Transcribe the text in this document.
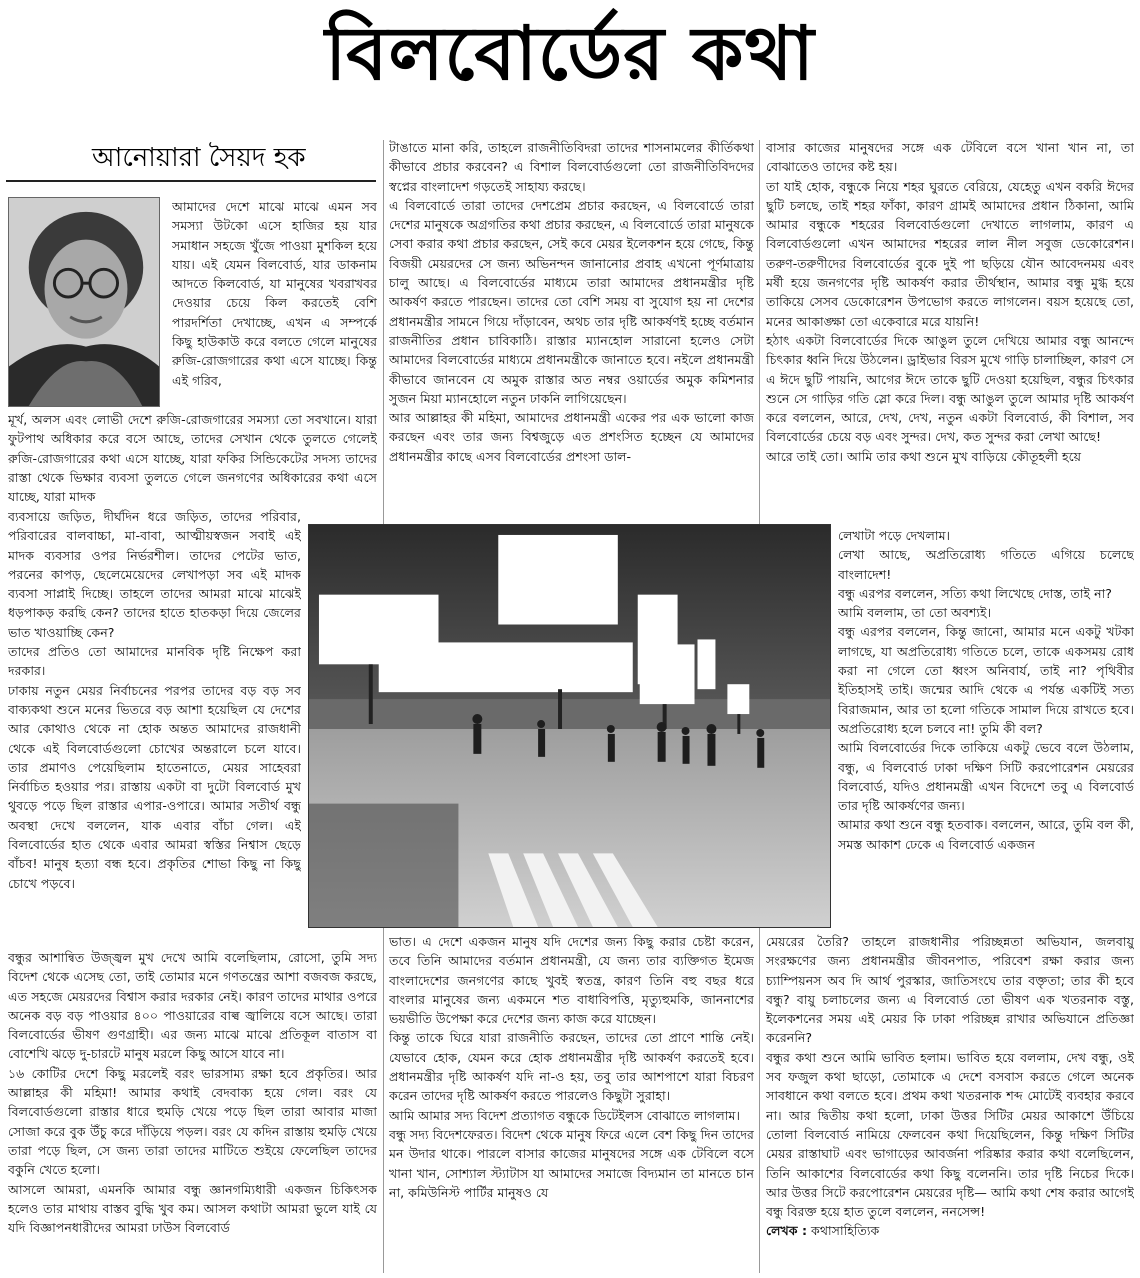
বিলবোর্ডের কথা
আনোয়ারা সৈয়দ হক

আমাদের দেশে মাঝে মাঝে এমন সব সমস্যা উটকো এসে হাজির হয় যার সমাধান সহজে খুঁজে পাওয়া মুশকিল হয়ে যায়। এই যেমন বিলবোর্ড, যার ডাকনাম আদতে কিলবোর্ড, যা মানুষের খবরাখবর দেওয়ার চেয়ে কিল করতেই বেশি পারদর্শিতা দেখাচ্ছে, এখন এ সম্পর্কে কিছু হাউকাউ করে বলতে গেলে মানুষের রুজি-রোজগারের কথা এসে যাচ্ছে। কিন্তু এই গরিব,

মূর্খ, অলস এবং লোভী দেশে রুজি-রোজগারের সমস্যা তো সবখানে। যারা ফুটপাথ অধিকার করে বসে আছে, তাদের সেখান থেকে তুলতে গেলেই রুজি-রোজগারের কথা এসে যাচ্ছে, যারা ফকির সিন্ডিকেটের সদস্য তাদের রাস্তা থেকে ভিক্ষার ব্যবসা তুলতে গেলে জনগণের অধিকারের কথা এসে যাচ্ছে, যারা মাদক

ব্যবসায়ে জড়িত, দীর্ঘদিন ধরে জড়িত, তাদের পরিবার, পরিবারের বালবাচ্চা, মা-বাবা, আত্মীয়স্বজন সবাই এই মাদক ব্যবসার ওপর নির্ভরশীল। তাদের পেটের ভাত, পরনের কাপড়, ছেলেমেয়েদের লেখাপড়া সব এই মাদক ব্যবসা সাপ্লাই দিচ্ছে। তাহলে তাদের আমরা মাঝে মাঝেই ধড়পাকড় করছি কেন? তাদের হাতে হাতকড়া দিয়ে জেলের ভাত খাওয়াচ্ছি কেন?

তাদের প্রতিও তো আমাদের মানবিক দৃষ্টি নিক্ষেপ করা দরকার।

ঢাকায় নতুন মেয়র নির্বাচনের পরপর তাদের বড় বড় সব বাক্যকথা শুনে মনের ভিতরে বড় আশা হয়েছিল যে দেশের আর কোথাও থেকে না হোক অন্তত আমাদের রাজধানী থেকে এই বিলবোর্ডগুলো চোখের অন্তরালে চলে যাবে। তার প্রমাণও পেয়েছিলাম হাতেনাতে, মেয়র সাহেবরা নির্বাচিত হওয়ার পর। রাস্তায় একটা বা দুটো বিলবোর্ড মুখ থুবড়ে পড়ে ছিল রাস্তার এপার-ওপারে। আমার সতীর্থ বন্ধু অবস্থা দেখে বললেন, যাক এবার বাঁচা গেল। এই বিলবোর্ডের হাত থেকে এবার আমরা স্বস্তির নিশ্বাস ছেড়ে বাঁচব! মানুষ হত্যা বন্ধ হবে। প্রকৃতির শোভা কিছু না কিছু চোখে পড়বে।

বন্ধুর আশান্বিত উজ্জ্বল মুখ দেখে আমি বলেছিলাম, রোসো, তুমি সদ্য বিদেশ থেকে এসেছ তো, তাই তোমার মনে গণতন্ত্রের আশা বজবজ করছে, এত সহজে মেয়রদের বিশ্বাস করার দরকার নেই। কারণ তাদের মাথার ওপরে অনেক বড় বড় পাওয়ার ৪০০ পাওয়ারের বাল্ব জ্বালিয়ে বসে আছে। তারা বিলবোর্ডের ভীষণ গুণগ্রাহী। এর জন্য মাঝে মাঝে প্রতিকূল বাতাস বা বোশেখি ঝড়ে দু-চারটে মানুষ মরলে কিছু আসে যাবে না।

১৬ কোটির দেশে কিছু মরলেই বরং ভারসাম্য রক্ষা হবে প্রকৃতির। আর আল্লাহর কী মহিমা! আমার কথাই বেদবাক্য হয়ে গেল। বরং যে বিলবোর্ডগুলো রাস্তার ধারে হুমড়ি খেয়ে পড়ে ছিল তারা আবার মাজা সোজা করে বুক উঁচু করে দাঁড়িয়ে পড়ল। বরং যে কদিন রাস্তায় হুমড়ি খেয়ে তারা পড়ে ছিল, সে জন্য তারা তাদের মাটিতে শুইয়ে ফেলেছিল তাদের বকুনি খেতে হলো।

আসলে আমরা, এমনকি আমার বন্ধু জ্ঞানগম্যিধারী একজন চিকিৎসক হলেও তার মাথায় বাস্তব বুদ্ধি খুব কম। আসল কথাটা আমরা ভুলে যাই যে যদি বিজ্ঞাপনধারীদের আমরা ঢাউস বিলবোর্ড

টাঙাতে মানা করি, তাহলে রাজনীতিবিদরা তাদের শাসনামলের কীর্তিকথা কীভাবে প্রচার করবেন? এ বিশাল বিলবোর্ডগুলো তো রাজনীতিবিদদের স্বপ্নের বাংলাদেশ গড়তেই সাহায্য করছে।

এ বিলবোর্ডে তারা তাদের দেশপ্রেম প্রচার করছেন, এ বিলবোর্ডে তারা দেশের মানুষকে অগ্রগতির কথা প্রচার করছেন, এ বিলবোর্ডে তারা মানুষকে সেবা করার কথা প্রচার করছেন, সেই কবে মেয়র ইলেকশন হয়ে গেছে, কিন্তু বিজয়ী মেয়রদের সে জন্য অভিনন্দন জানানোর প্রবাহ এখনো পূর্ণমাত্রায় চালু আছে। এ বিলবোর্ডের মাধ্যমে তারা আমাদের প্রধানমন্ত্রীর দৃষ্টি আকর্ষণ করতে পারছেন। তাদের তো বেশি সময় বা সুযোগ হয় না দেশের প্রধানমন্ত্রীর সামনে গিয়ে দাঁড়াবেন, অথচ তার দৃষ্টি আকর্ষণই হচ্ছে বর্তমান রাজনীতির প্রধান চাবিকাঠি। রাস্তার ম্যানহোল সারানো হলেও সেটা আমাদের বিলবোর্ডের মাধ্যমে প্রধানমন্ত্রীকে জানাতে হবে। নইলে প্রধানমন্ত্রী কীভাবে জানবেন যে অমুক রাস্তার অত নম্বর ওয়ার্ডের অমুক কমিশনার সুজন মিয়া ম্যানহোলে নতুন ঢাকনি লাগিয়েছেন।

আর আল্লাহর কী মহিমা, আমাদের প্রধানমন্ত্রী একের পর এক ভালো কাজ করছেন এবং তার জন্য বিশ্বজুড়ে এত প্রশংসিত হচ্ছেন যে আমাদের প্রধানমন্ত্রীর কাছে এসব বিলবোর্ডের প্রশংসা ডাল-

ভাত। এ দেশে একজন মানুষ যদি দেশের জন্য কিছু করার চেষ্টা করেন, তবে তিনি আমাদের বর্তমান প্রধানমন্ত্রী, যে জন্য তার ব্যক্তিগত ইমেজ বাংলাদেশের জনগণের কাছে খুবই স্বতন্ত্র, কারণ তিনি বহু বছর ধরে বাংলার মানুষের জন্য একমনে শত বাধাবিপত্তি, মৃত্যুহুমকি, জাননাশের ভয়ভীতি উপেক্ষা করে দেশের জন্য কাজ করে যাচ্ছেন।

কিন্তু তাকে ঘিরে যারা রাজনীতি করছেন, তাদের তো প্রাণে শান্তি নেই। যেভাবে হোক, যেমন করে হোক প্রধানমন্ত্রীর দৃষ্টি আকর্ষণ করতেই হবে। প্রধানমন্ত্রীর দৃষ্টি আকর্ষণ যদি না-ও হয়, তবু তার আশপাশে যারা বিচরণ করেন তাদের দৃষ্টি আকর্ষণ করতে পারলেও কিছুটা সুরাহা।

আমি আমার সদ্য বিদেশ প্রত্যাগত বন্ধুকে ডিটেইলস বোঝাতে লাগলাম।

বন্ধু সদ্য বিদেশফেরত। বিদেশ থেকে মানুষ ফিরে এলে বেশ কিছু দিন তাদের মন উদার থাকে। পারলে বাসার কাজের মানুষদের সঙ্গে এক টেবিলে বসে খানা খান, সোশ্যাল স্ট্যাটাস যা আমাদের সমাজে বিদ্যমান তা মানতে চান না, কমিউনিস্ট পার্টির মানুষও যে

বাসার কাজের মানুষদের সঙ্গে এক টেবিলে বসে খানা খান না, তা বোঝাতেও তাদের কষ্ট হয়।

তা যাই হোক, বন্ধুকে নিয়ে শহর ঘুরতে বেরিয়ে, যেহেতু এখন বকরি ঈদের ছুটি চলছে, তাই শহর ফাঁকা, কারণ গ্রামই আমাদের প্রধান ঠিকানা, আমি আমার বন্ধুকে শহরের বিলবোর্ডগুলো দেখাতে লাগলাম, কারণ এ বিলবোর্ডগুলো এখন আমাদের শহরের লাল নীল সবুজ ডেকোরেশন। তরুণ-তরুণীদের বিলবোর্ডের বুকে দুই পা ছড়িয়ে যৌন আবেদনময় এবং মৰ্ষী হয়ে জনগণের দৃষ্টি আকর্ষণ করার তীর্থস্থান, আমার বন্ধু মুগ্ধ হয়ে তাকিয়ে সেসব ডেকোরেশন উপভোগ করতে লাগলেন। বয়স হয়েছে তো, মনের আকাঙ্ক্ষা তো একেবারে মরে যায়নি!

হঠাৎ একটা বিলবোর্ডের দিকে আঙুল তুলে দেখিয়ে আমার বন্ধু আনন্দে চিৎকার ধ্বনি দিয়ে উঠলেন। ড্রাইভার বিরস মুখে গাড়ি চালাচ্ছিল, কারণ সে এ ঈদে ছুটি পায়নি, আগের ঈদে তাকে ছুটি দেওয়া হয়েছিল, বন্ধুর চিৎকার শুনে সে গাড়ির গতি স্লো করে দিল। বন্ধু আঙুল তুলে আমার দৃষ্টি আকর্ষণ করে বললেন, আরে, দেখ, দেখ, নতুন একটা বিলবোর্ড, কী বিশাল, সব বিলবোর্ডের চেয়ে বড় এবং সুন্দর। দেখ, কত সুন্দর করা লেখা আছে!

আরে তাই তো। আমি তার কথা শুনে মুখ বাড়িয়ে কৌতূহলী হয়ে

লেখাটা পড়ে দেখলাম।

লেখা আছে, অপ্রতিরোধ্য গতিতে এগিয়ে চলেছে বাংলাদেশ!

বন্ধু এরপর বললেন, সত্যি কথা লিখেছে দোস্ত, তাই না?

আমি বললাম, তা তো অবশ্যই।

বন্ধু এরপর বললেন, কিন্তু জানো, আমার মনে একটু খটকা লাগছে, যা অপ্রতিরোধ্য গতিতে চলে, তাকে একসময় রোধ করা না গেলে তো ধ্বংস অনিবার্য, তাই না? পৃথিবীর ইতিহাসই তাই। জন্মের আদি থেকে এ পর্যন্ত একটিই সত্য বিরাজমান, আর তা হলো গতিকে সামাল দিয়ে রাখতে হবে। অপ্রতিরোধ্য হলে চলবে না! তুমি কী বল?

আমি বিলবোর্ডের দিকে তাকিয়ে একটু ভেবে বলে উঠলাম, বন্ধু, এ বিলবোর্ড ঢাকা দক্ষিণ সিটি করপোরেশন মেয়রের বিলবোর্ড, যদিও প্রধানমন্ত্রী এখন বিদেশে তবু এ বিলবোর্ড তার দৃষ্টি আকর্ষণের জন্য।

আমার কথা শুনে বন্ধু হতবাক। বললেন, আরে, তুমি বল কী, সমস্ত আকাশ ঢেকে এ বিলবোর্ড একজন

মেয়রের তৈরি? তাহলে রাজধানীর পরিচ্ছন্নতা অভিযান, জলবায়ু সংরক্ষণের জন্য প্রধানমন্ত্রীর জীবনপাত, পরিবেশ রক্ষা করার জন্য চ্যাম্পিয়নস অব দি আর্থ পুরস্কার, জাতিসংঘে তার বক্তৃতা; তার কী হবে বন্ধু? বায়ু চলাচলের জন্য এ বিলবোর্ড তো ভীষণ এক খতরনাক বস্তু, ইলেকশনের সময় এই মেয়র কি ঢাকা পরিচ্ছন্ন রাখার অভিযানে প্রতিজ্ঞা করেননি?

বন্ধুর কথা শুনে আমি ভাবিত হলাম। ভাবিত হয়ে বললাম, দেখ বন্ধু, ওই সব ফজুল কথা ছাড়ো, তোমাকে এ দেশে বসবাস করতে গেলে অনেক সাবধানে কথা বলতে হবে। প্রথম কথা খতরনাক শব্দ মোটেই ব্যবহার করবে না। আর দ্বিতীয় কথা হলো, ঢাকা উত্তর সিটির মেয়র আকাশে উঁচিয়ে তোলা বিলবোর্ড নামিয়ে ফেলবেন কথা দিয়েছিলেন, কিন্তু দক্ষিণ সিটির মেয়র রাস্তাঘাট এবং ভাগাড়ের আবর্জনা পরিষ্কার করার কথা বলেছিলেন, তিনি আকাশের বিলবোর্ডের কথা কিছু বলেননি। তার দৃষ্টি নিচের দিকে। আর উত্তর সিটে করপোরেশন মেয়রের দৃষ্টি— আমি কথা শেষ করার আগেই বন্ধু বিরক্ত হয়ে হাত তুলে বললেন, ননসেন্স!

লেখক : কথাসাহিত্যিক
